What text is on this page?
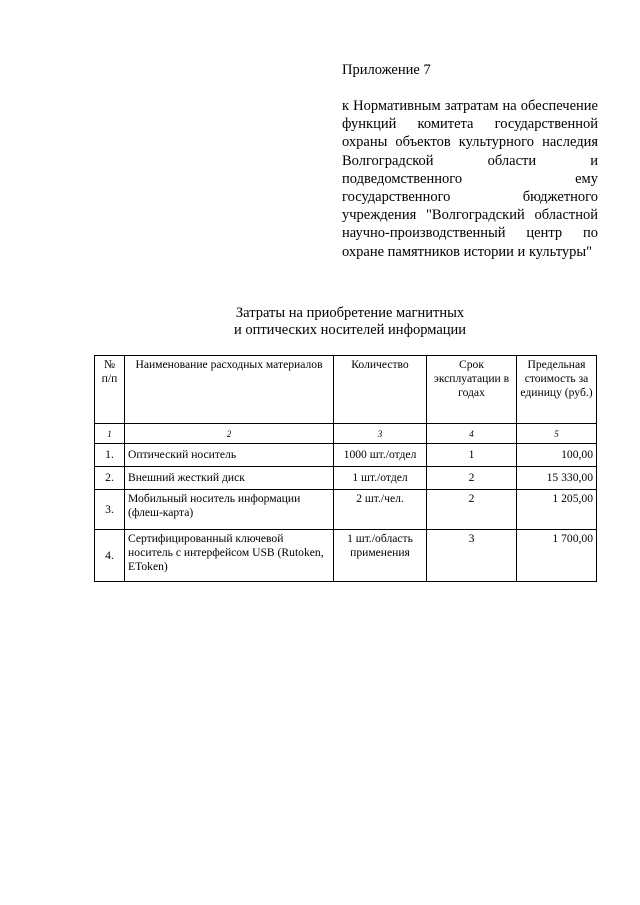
Приложение 7
к Нормативным затратам на обеспечение функций комитета государственной охраны объектов культурного наследия Волгоградской области и подведомственного ему государственного бюджетного учреждения "Волгоградский областной научно-производственный центр по охране памятников истории и культуры"
Затраты на приобретение магнитных
и оптических носителей информации
№ п/п	Наименование расходных материалов	Количество	Срок эксплуатации в годах	Предельная стоимость за единицу (руб.)
1	2	3	4	5
1.	Оптический носитель	1000 шт./отдел	1	100,00
2.	Внешний жесткий диск	1 шт./отдел	2	15 330,00
3.	Мобильный носитель информации (флеш-карта)	2 шт./чел.	2	1 205,00
4.	Сертифицированный ключевой носитель с интерфейсом USB (Rutoken, EToken)	1 шт./область применения	3	1 700,00
